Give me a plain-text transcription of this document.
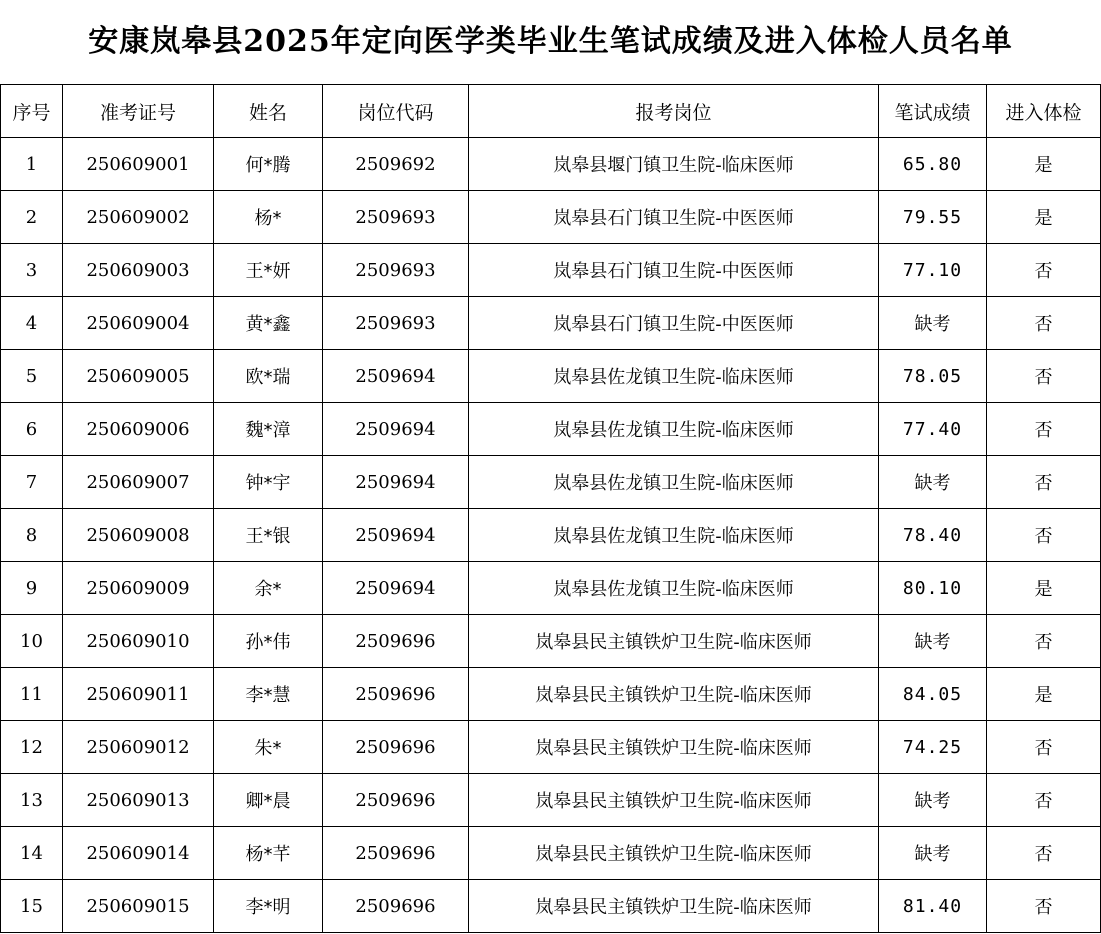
安康岚皋县2025年定向医学类毕业生笔试成绩及进入体检人员名单
序号	准考证号	姓名	岗位代码	报考岗位	笔试成绩	进入体检
1	250609001	何*腾	2509692	岚皋县堰门镇卫生院-临床医师	65.80	是
2	250609002	杨*	2509693	岚皋县石门镇卫生院-中医医师	79.55	是
3	250609003	王*妍	2509693	岚皋县石门镇卫生院-中医医师	77.10	否
4	250609004	黄*鑫	2509693	岚皋县石门镇卫生院-中医医师	缺考	否
5	250609005	欧*瑞	2509694	岚皋县佐龙镇卫生院-临床医师	78.05	否
6	250609006	魏*漳	2509694	岚皋县佐龙镇卫生院-临床医师	77.40	否
7	250609007	钟*宇	2509694	岚皋县佐龙镇卫生院-临床医师	缺考	否
8	250609008	王*银	2509694	岚皋县佐龙镇卫生院-临床医师	78.40	否
9	250609009	余*	2509694	岚皋县佐龙镇卫生院-临床医师	80.10	是
10	250609010	孙*伟	2509696	岚皋县民主镇铁炉卫生院-临床医师	缺考	否
11	250609011	李*慧	2509696	岚皋县民主镇铁炉卫生院-临床医师	84.05	是
12	250609012	朱*	2509696	岚皋县民主镇铁炉卫生院-临床医师	74.25	否
13	250609013	卿*晨	2509696	岚皋县民主镇铁炉卫生院-临床医师	缺考	否
14	250609014	杨*芊	2509696	岚皋县民主镇铁炉卫生院-临床医师	缺考	否
15	250609015	李*明	2509696	岚皋县民主镇铁炉卫生院-临床医师	81.40	否
